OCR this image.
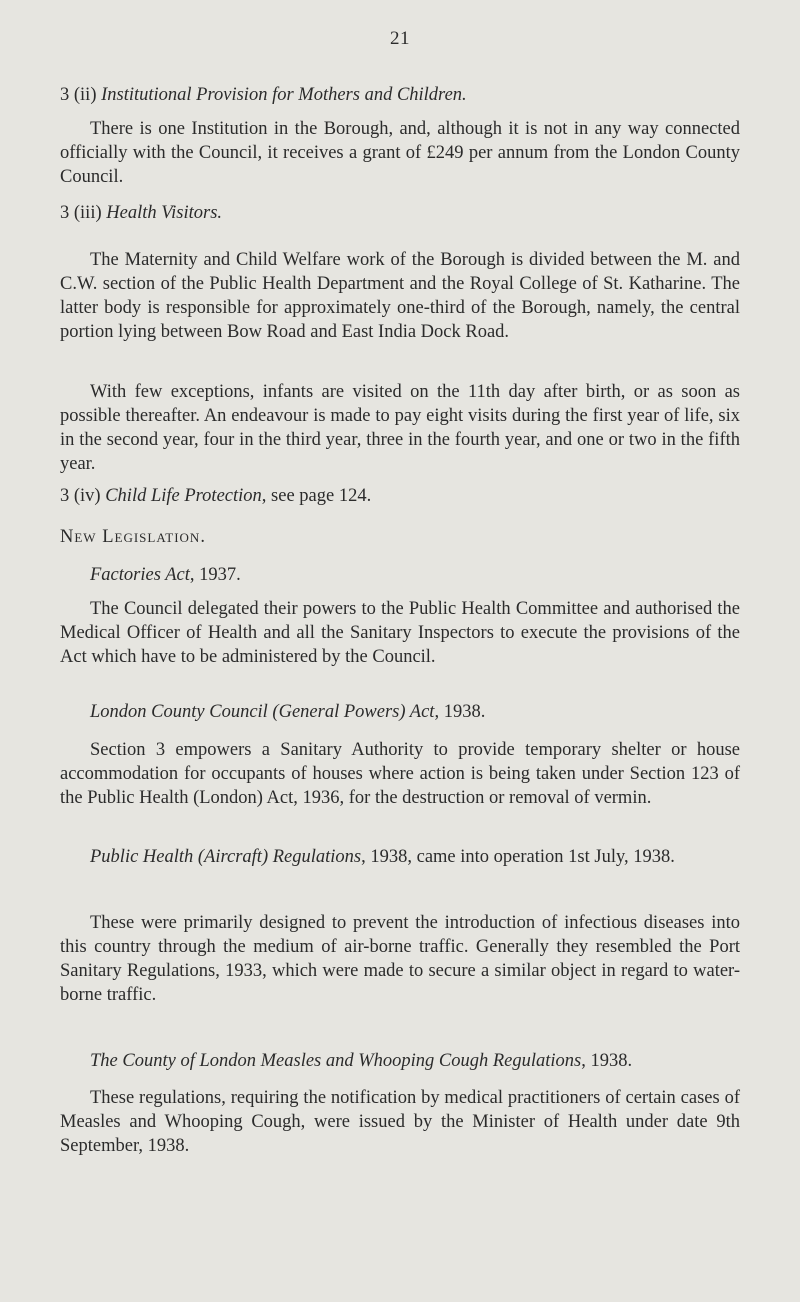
21
3 (ii) Institutional Provision for Mothers and Children.
There is one Institution in the Borough, and, although it is not in any way connected officially with the Council, it receives a grant of £249 per annum from the London County Council.
3 (iii) Health Visitors.
The Maternity and Child Welfare work of the Borough is divided between the M. and C.W. section of the Public Health Department and the Royal College of St. Katharine. The latter body is responsible for approximately one-third of the Borough, namely, the central portion lying between Bow Road and East India Dock Road.
With few exceptions, infants are visited on the 11th day after birth, or as soon as possible thereafter. An endeavour is made to pay eight visits during the first year of life, six in the second year, four in the third year, three in the fourth year, and one or two in the fifth year.
3 (iv) Child Life Protection, see page 124.
New Legislation.
Factories Act, 1937.
The Council delegated their powers to the Public Health Committee and authorised the Medical Officer of Health and all the Sanitary Inspectors to execute the provisions of the Act which have to be administered by the Council.
London County Council (General Powers) Act, 1938.
Section 3 empowers a Sanitary Authority to provide temporary shelter or house accommodation for occupants of houses where action is being taken under Section 123 of the Public Health (London) Act, 1936, for the destruction or removal of vermin.
Public Health (Aircraft) Regulations, 1938, came into operation 1st July, 1938.
These were primarily designed to prevent the introduction of infectious diseases into this country through the medium of air-borne traffic. Generally they resembled the Port Sanitary Regulations, 1933, which were made to secure a similar object in regard to water-borne traffic.
The County of London Measles and Whooping Cough Regulations, 1938.
These regulations, requiring the notification by medical practitioners of certain cases of Measles and Whooping Cough, were issued by the Minister of Health under date 9th September, 1938.
